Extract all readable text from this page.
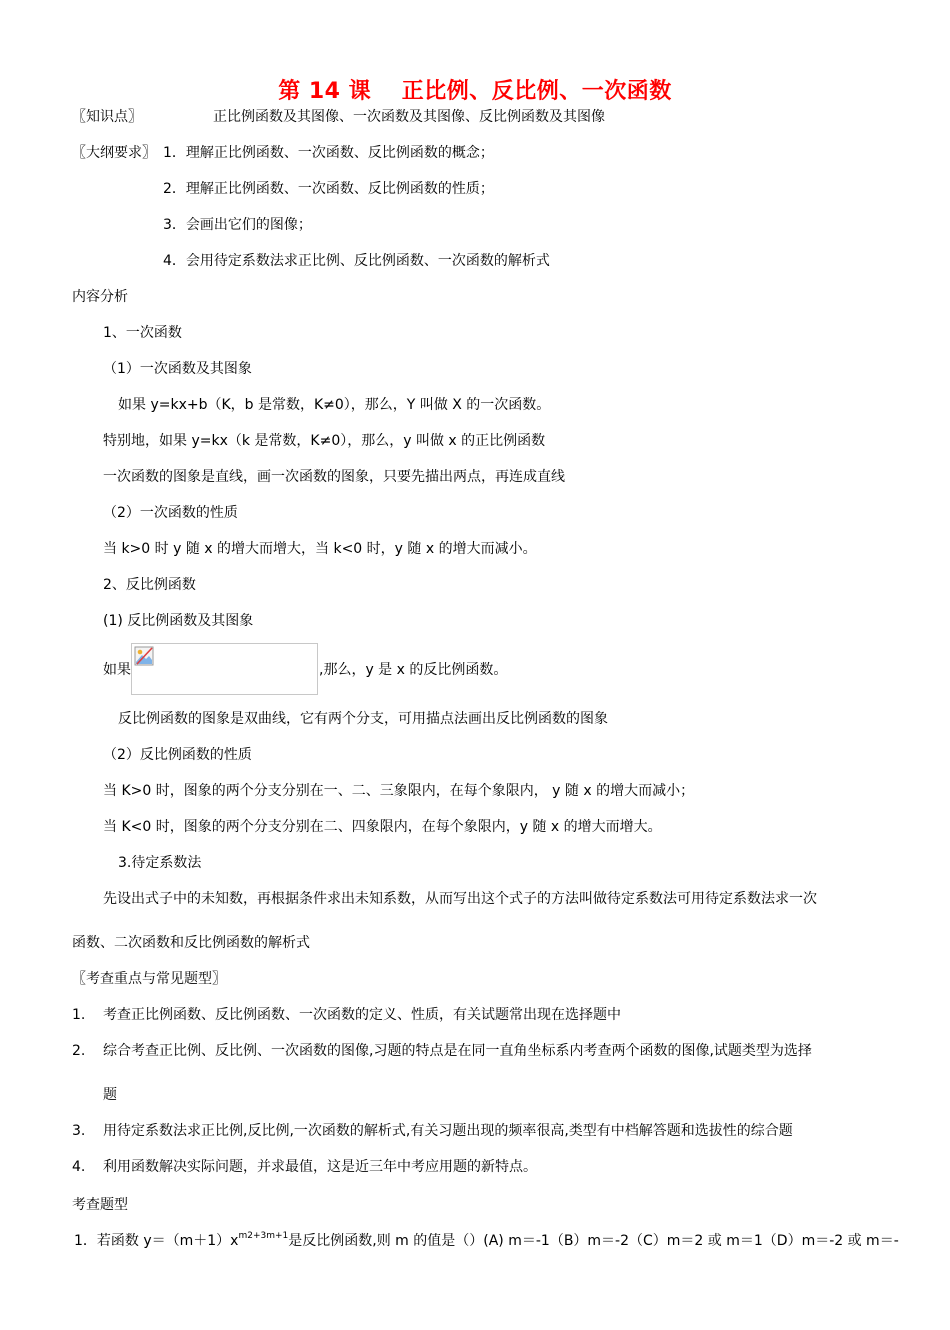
第 14 课　 正比例、反比例、一次函数
〖知识点〗	正比例函数及其图像、一次函数及其图像、反比例函数及其图像
〖大纲要求〗 1．理解正比例函数、一次函数、反比例函数的概念；
2．理解正比例函数、一次函数、反比例函数的性质；
3．会画出它们的图像；
4．会用待定系数法求正比例、反比例函数、一次函数的解析式
内容分析
1、一次函数
（1）一次函数及其图象
如果 y=kx+b（K，b 是常数，K≠0），那么，Y 叫做 X 的一次函数。
特别地，如果 y=kx（k 是常数，K≠0），那么，y 叫做 x 的正比例函数
一次函数的图象是直线，画一次函数的图象，只要先描出两点，再连成直线
（2）一次函数的性质
当 k>0 时 y 随 x 的增大而增大，当 k<0 时，y 随 x 的增大而减小。
2、反比例函数
(1) 反比例函数及其图象
如果	,那么，y 是 x 的反比例函数。
反比例函数的图象是双曲线，它有两个分支，可用描点法画出反比例函数的图象
（2）反比例函数的性质
当 K>0 时，图象的两个分支分别在一、二、三象限内，在每个象限内， y 随 x 的增大而减小；
当 K<0 时，图象的两个分支分别在二、四象限内，在每个象限内，y 随 x 的增大而增大。
3.待定系数法
先设出式子中的未知数，再根据条件求出未知系数，从而写出这个式子的方法叫做待定系数法可用待定系数法求一次
函数、二次函数和反比例函数的解析式
〖考查重点与常见题型〗
1. 考查正比例函数、反比例函数、一次函数的定义、性质，有关试题常出现在选择题中
2. 综合考查正比例、反比例、一次函数的图像,习题的特点是在同一直角坐标系内考查两个函数的图像,试题类型为选择
题
3. 用待定系数法求正比例,反比例,一次函数的解析式,有关习题出现的频率很高,类型有中档解答题和选拔性的综合题
4. 利用函数解决实际问题，并求最值，这是近三年中考应用题的新特点。
考查题型
1．若函数 $y=(m+1)x^{m2+3m+1}$是反比例函数,则 m 的值是（）(A) m＝-1（B）m＝-2（C）m＝2 或 m＝1（D）m＝-2 或 m＝-
